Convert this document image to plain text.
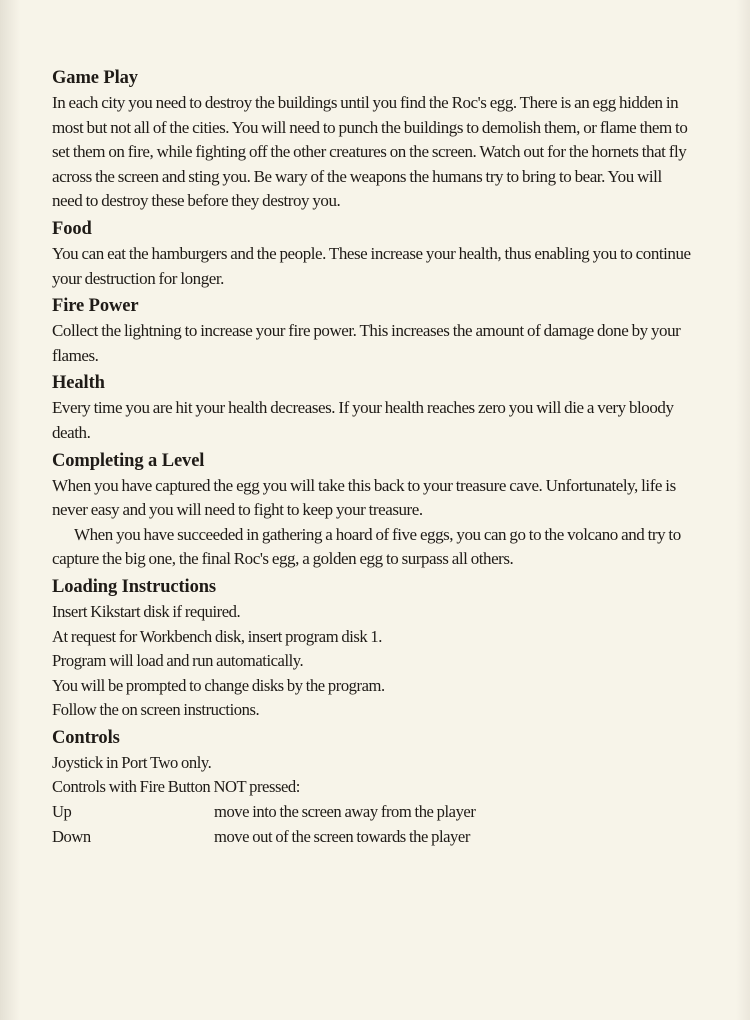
Game Play

In each city you need to destroy the buildings until you find the Roc's egg. There is an egg hidden in most but not all of the cities. You will need to punch the buildings to demolish them, or flame them to set them on fire, while fighting off the other creatures on the screen. Watch out for the hornets that fly across the screen and sting you. Be wary of the weapons the humans try to bring to bear. You will need to destroy these before they destroy you.

Food

You can eat the hamburgers and the people. These increase your health, thus enabling you to continue your destruction for longer.

Fire Power

Collect the lightning to increase your fire power. This increases the amount of damage done by your flames.

Health

Every time you are hit your health decreases. If your health reaches zero you will die a very bloody death.

Completing a Level

When you have captured the egg you will take this back to your treasure cave. Unfortunately, life is never easy and you will need to fight to keep your treasure.

When you have succeeded in gathering a hoard of five eggs, you can go to the volcano and try to capture the big one, the final Roc's egg, a golden egg to surpass all others.

Loading Instructions

Insert Kikstart disk if required.

At request for Workbench disk, insert program disk 1.

Program will load and run automatically.

You will be prompted to change disks by the program.

Follow the on screen instructions.

Controls

Joystick in Port Two only.

Controls with Fire Button NOT pressed:

Up	move into the screen away from the player
Down	move out of the screen towards the player
